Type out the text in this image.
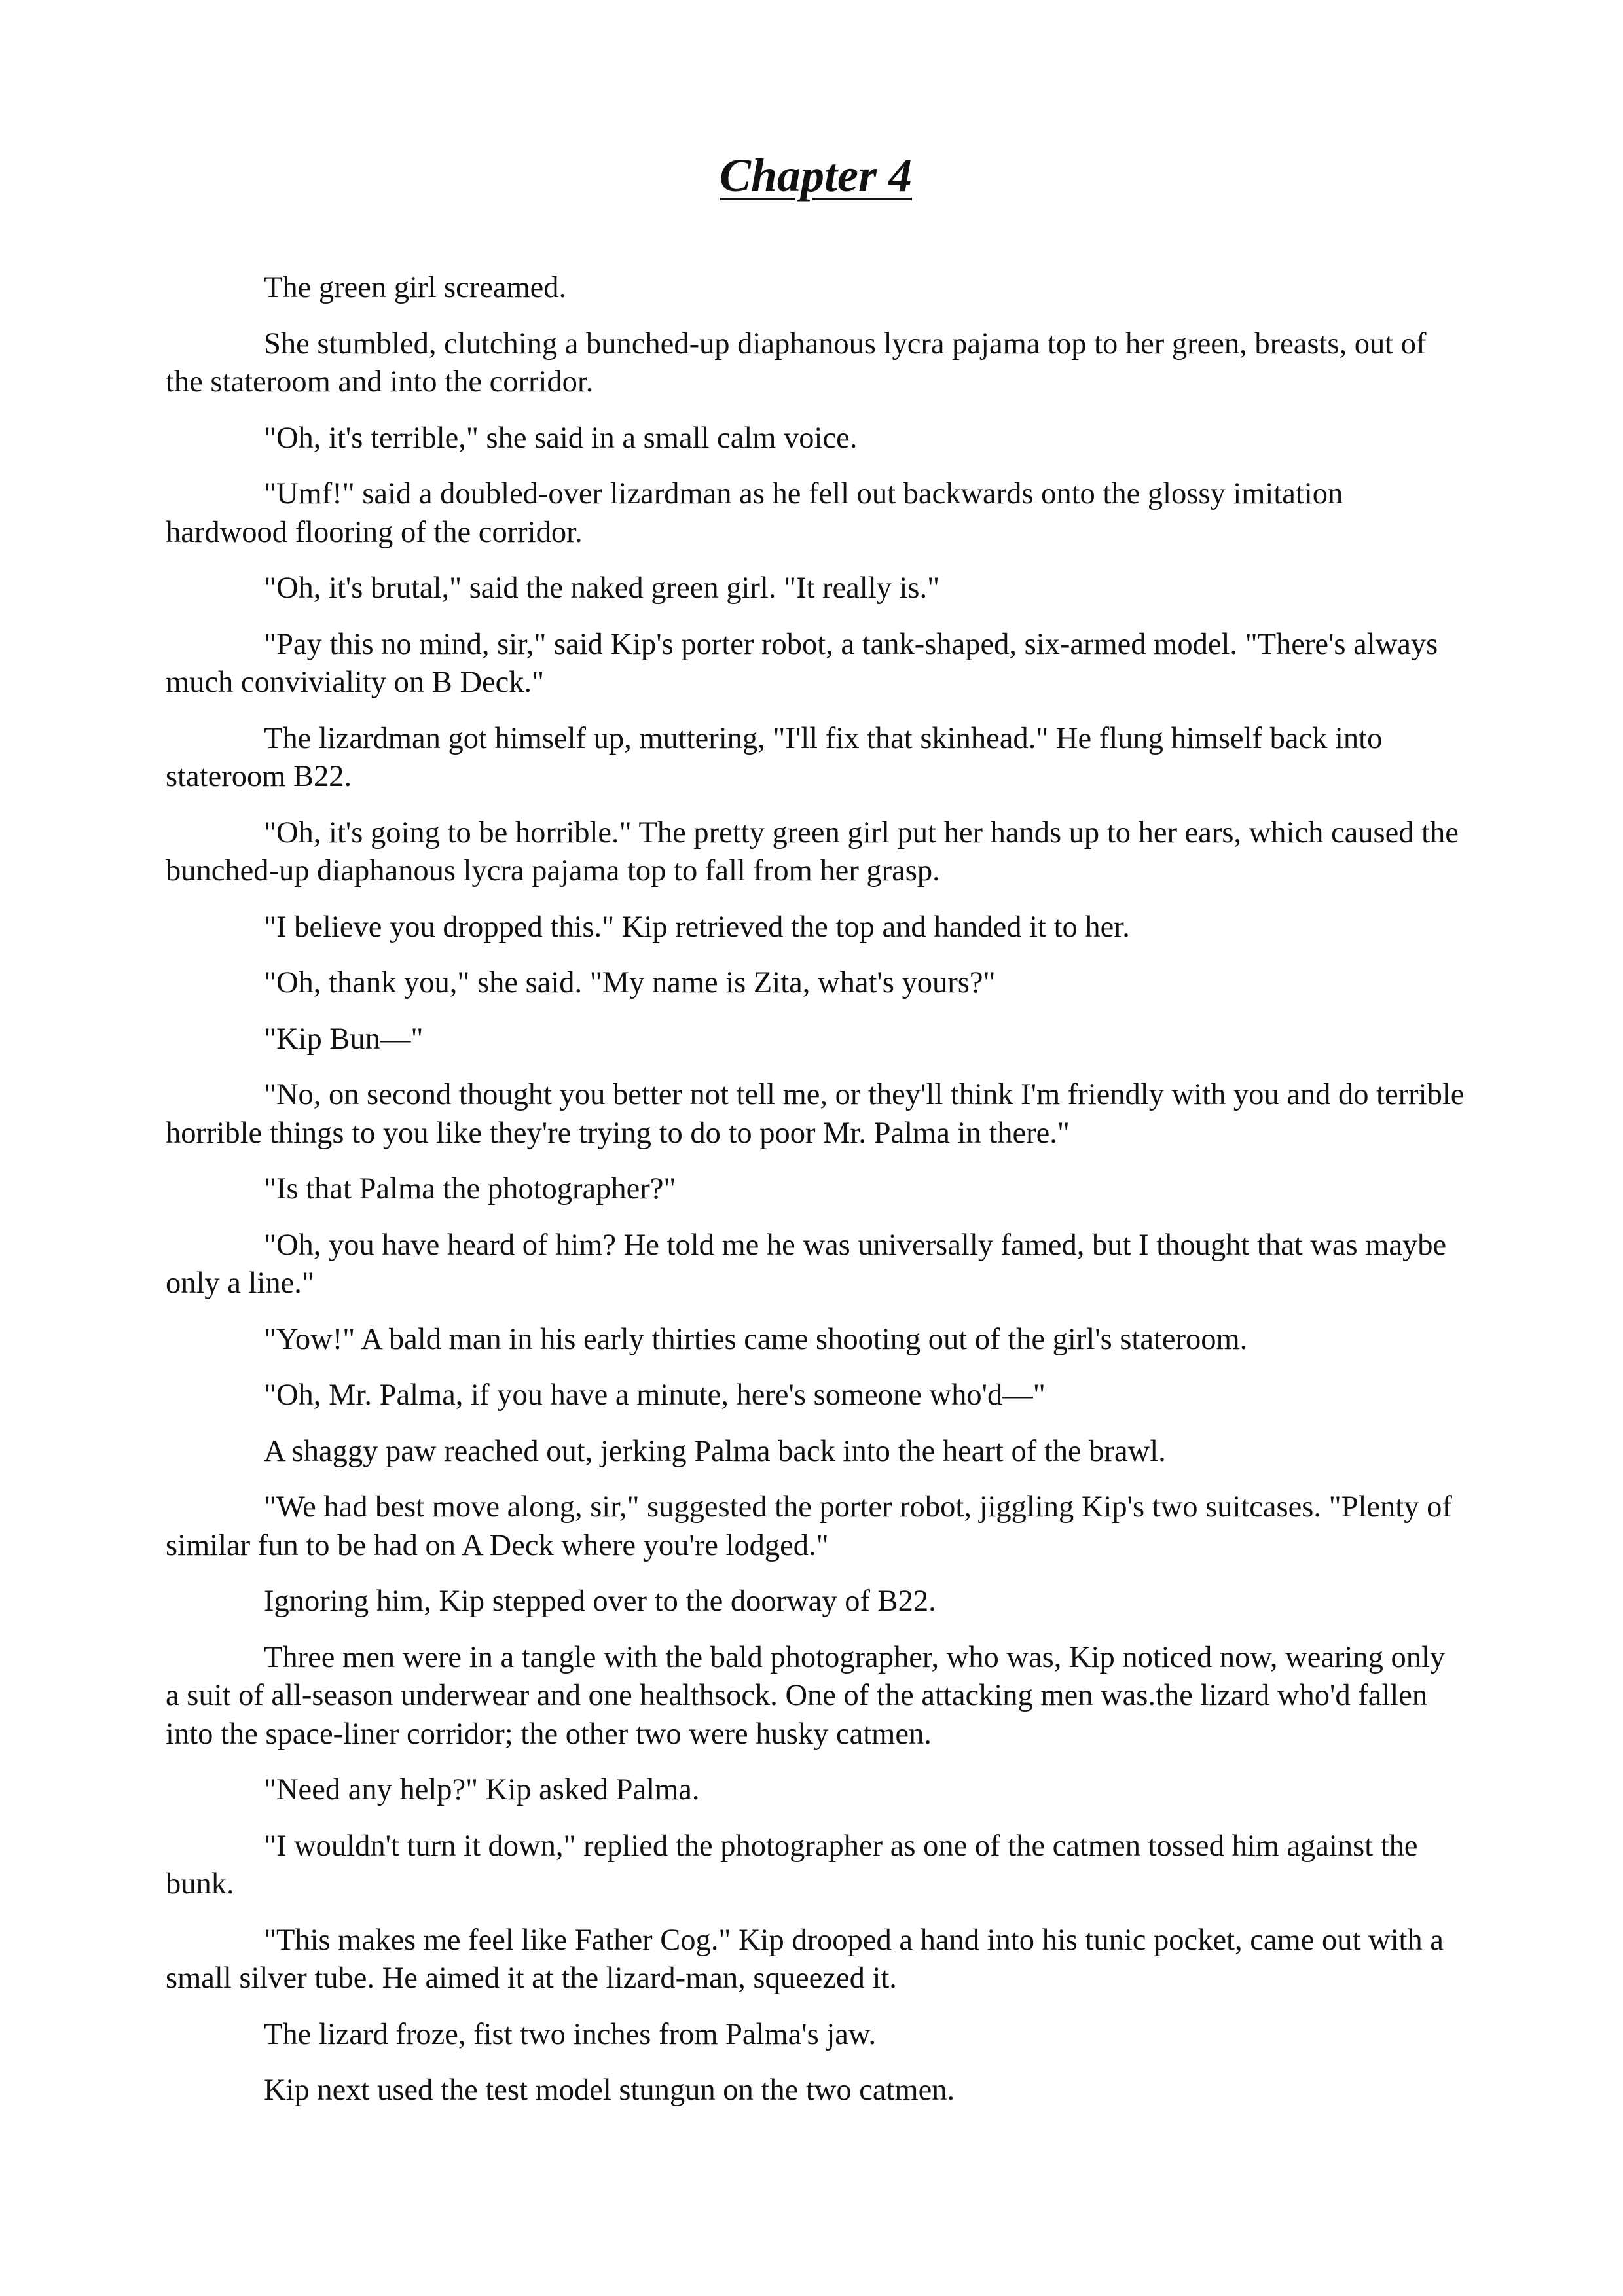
Chapter 4

The green girl screamed.

She stumbled, clutching a bunched-up diaphanous lycra pajama top to her green, breasts, out of the stateroom and into the corridor.

"Oh, it's terrible," she said in a small calm voice.

"Umf!" said a doubled-over lizardman as he fell out backwards onto the glossy imitation hardwood flooring of the corridor.

"Oh, it's brutal," said the naked green girl. "It really is."

"Pay this no mind, sir," said Kip's porter robot, a tank-shaped, six-armed model. "There's always much conviviality on B Deck."

The lizardman got himself up, muttering, "I'll fix that skinhead." He flung himself back into stateroom B22.

"Oh, it's going to be horrible." The pretty green girl put her hands up to her ears, which caused the bunched-up diaphanous lycra pajama top to fall from her grasp.

"I believe you dropped this." Kip retrieved the top and handed it to her.

"Oh, thank you," she said. "My name is Zita, what's yours?"

"Kip Bun—"

"No, on second thought you better not tell me, or they'll think I'm friendly with you and do terrible horrible things to you like they're trying to do to poor Mr. Palma in there."

"Is that Palma the photographer?"

"Oh, you have heard of him? He told me he was universally famed, but I thought that was maybe only a line."

"Yow!" A bald man in his early thirties came shooting out of the girl's stateroom.

"Oh, Mr. Palma, if you have a minute, here's someone who'd—"

A shaggy paw reached out, jerking Palma back into the heart of the brawl.

"We had best move along, sir," suggested the porter robot, jiggling Kip's two suitcases. "Plenty of similar fun to be had on A Deck where you're lodged."

Ignoring him, Kip stepped over to the doorway of B22.

Three men were in a tangle with the bald photographer, who was, Kip noticed now, wearing only a suit of all-season underwear and one healthsock. One of the attacking men was.the lizard who'd fallen into the space-liner corridor; the other two were husky catmen.

"Need any help?" Kip asked Palma.

"I wouldn't turn it down," replied the photographer as one of the catmen tossed him against the bunk.

"This makes me feel like Father Cog." Kip drooped a hand into his tunic pocket, came out with a small silver tube. He aimed it at the lizard-man, squeezed it.

The lizard froze, fist two inches from Palma's jaw.

Kip next used the test model stungun on the two catmen.
